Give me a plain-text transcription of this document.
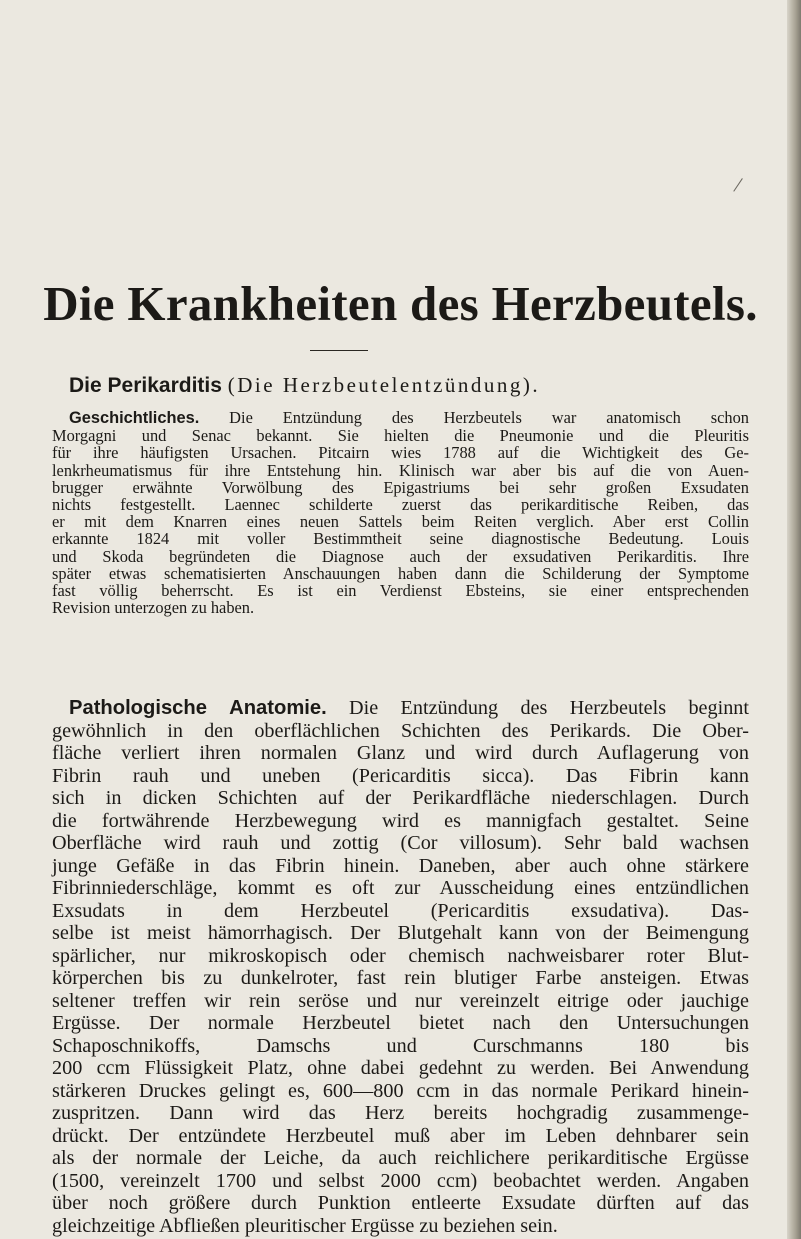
/
Die Krankheiten des Herzbeutels.
Die Perikarditis (Die Herzbeutelentzündung).

Geschichtliches. Die Entzündung des Herzbeutels war anatomisch schon
Morgagni und Senac bekannt. Sie hielten die Pneumonie und die Pleuritis
für ihre häufigsten Ursachen. Pitcairn wies 1788 auf die Wichtigkeit des Ge-
lenkrheumatismus für ihre Entstehung hin. Klinisch war aber bis auf die von Auen-
brugger erwähnte Vorwölbung des Epigastriums bei sehr großen Exsudaten
nichts festgestellt. Laennec schilderte zuerst das perikarditische Reiben, das
er mit dem Knarren eines neuen Sattels beim Reiten verglich. Aber erst Collin
erkannte 1824 mit voller Bestimmtheit seine diagnostische Bedeutung. Louis
und Skoda begründeten die Diagnose auch der exsudativen Perikarditis. Ihre
später etwas schematisierten Anschauungen haben dann die Schilderung der Symptome
fast völlig beherrscht. Es ist ein Verdienst Ebsteins, sie einer entsprechenden
Revision unterzogen zu haben.

Pathologische Anatomie. Die Entzündung des Herzbeutels beginnt
gewöhnlich in den oberflächlichen Schichten des Perikards. Die Ober-
fläche verliert ihren normalen Glanz und wird durch Auflagerung von
Fibrin rauh und uneben (Pericarditis sicca). Das Fibrin kann
sich in dicken Schichten auf der Perikardfläche niederschlagen. Durch
die fortwährende Herzbewegung wird es mannigfach gestaltet. Seine
Oberfläche wird rauh und zottig (Cor villosum). Sehr bald wachsen
junge Gefäße in das Fibrin hinein. Daneben, aber auch ohne stärkere
Fibrinniederschläge, kommt es oft zur Ausscheidung eines entzündlichen
Exsudats in dem Herzbeutel (Pericarditis exsudativa). Das-
selbe ist meist hämorrhagisch. Der Blutgehalt kann von der Beimengung
spärlicher, nur mikroskopisch oder chemisch nachweisbarer roter Blut-
körperchen bis zu dunkelroter, fast rein blutiger Farbe ansteigen. Etwas
seltener treffen wir rein seröse und nur vereinzelt eitrige oder jauchige
Ergüsse. Der normale Herzbeutel bietet nach den Untersuchungen
Schaposchnikoffs, Damschs und Curschmanns 180 bis
200 ccm Flüssigkeit Platz, ohne dabei gedehnt zu werden. Bei Anwendung
stärkeren Druckes gelingt es, 600—800 ccm in das normale Perikard hinein-
zuspritzen. Dann wird das Herz bereits hochgradig zusammenge-
drückt. Der entzündete Herzbeutel muß aber im Leben dehnbarer sein
als der normale der Leiche, da auch reichlichere perikarditische Ergüsse
(1500, vereinzelt 1700 und selbst 2000 ccm) beobachtet werden. Angaben
über noch größere durch Punktion entleerte Exsudate dürften auf das
gleichzeitige Abfließen pleuritischer Ergüsse zu beziehen sein.
